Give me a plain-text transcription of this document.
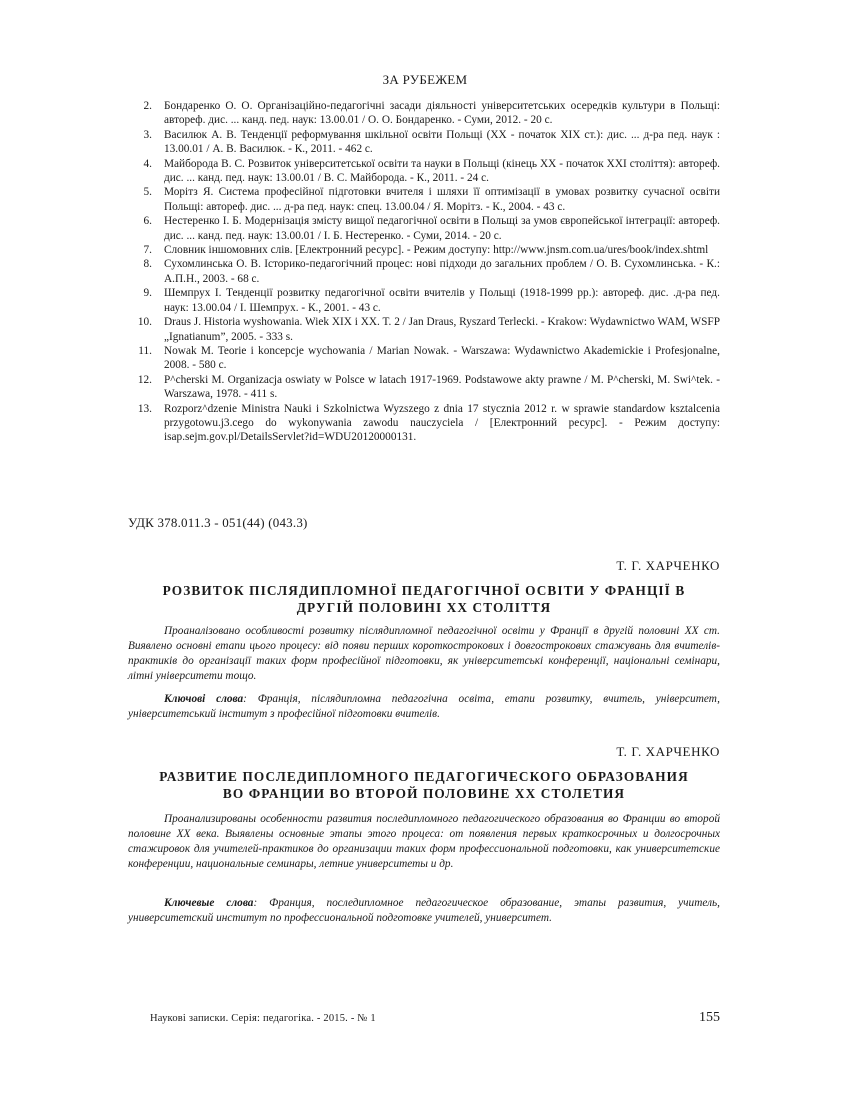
ЗА РУБЕЖЕМ
2. Бондаренко О. О. Організаційно-педагогічні засади діяльності університетських осередків культури в Польщі: автореф. дис. ... канд. пед. наук: 13.00.01 / О. О. Бондаренко. - Суми, 2012. - 20 с.
3. Василюк А. В. Тенденції реформування шкільної освіти Польщі (XX - початок XIX ст.): дис. ... д-ра пед. наук : 13.00.01 / А. В. Василюк. - К., 2011. - 462 с.
4. Майборода В. С. Розвиток університетської освіти та науки в Польщі (кінець XX - початок XXI століття): автореф. дис. ... канд. пед. наук: 13.00.01 / В. С. Майборода. - К., 2011. - 24 с.
5. Морітз Я. Система професійної підготовки вчителя і шляхи її оптимізації в умовах розвитку сучасної освіти Польщі: автореф. дис. ... д-ра пед. наук: спец. 13.00.04 / Я. Морітз. - К., 2004. - 43 с.
6. Нестеренко І. Б. Модернізація змісту вищої педагогічної освіти в Польщі за умов європейської інтеграції: автореф. дис. ... канд. пед. наук: 13.00.01 / І. Б. Нестеренко. - Суми, 2014. - 20 с.
7. Словник іншомовних слів. [Електронний ресурс]. - Режим доступу: http://www.jnsm.com.ua/ures/book/index.shtml
8. Сухомлинська О. В. Історико-педагогічний процес: нові підходи до загальних проблем / О. В. Сухомлинська. - К.: А.П.Н., 2003. - 68 с.
9. Шемпрух І. Тенденції розвитку педагогічної освіти вчителів у Польщі (1918-1999 рр.): автореф. дис. .д-ра пед. наук: 13.00.04 / І. Шемпрух. - К., 2001. - 43 с.
10. Draus J. Historia wyshowania. Wiek XIX i XX. T. 2 / Jan Draus, Ryszard Terlecki. - Krakow: Wydawnictwo WAM, WSFP „Ignatianum”, 2005. - 333 s.
11. Nowak M. Teorie i koncepcje wychowania / Marian Nowak. - Warszawa: Wydawnictwo Akademickie i Profesjonalne, 2008. - 580 с.
12. P^cherski M. Organizacja oswiaty w Polsce w latach 1917-1969. Podstawowe akty prawne / M. P^cherski, M. Swi^tek. - Warszawa, 1978. - 411 s.
13. Rozporz^dzenie Ministra Nauki i Szkolnictwa Wyzszego z dnia 17 stycznia 2012 r. w sprawie standardow ksztalcenia przygotowu.j3.cego do wykonywania zawodu nauczyciela / [Електронний ресурс]. - Режим доступу: isap.sejm.gov.pl/DetailsServlet?id=WDU20120000131.
УДК 378.011.3 - 051(44) (043.3)
Т. Г. ХАРЧЕНКО
РОЗВИТОК ПІСЛЯДИПЛОМНОЇ ПЕДАГОГІЧНОЇ ОСВІТИ У ФРАНЦІЇ В
ДРУГІЙ ПОЛОВИНІ XX СТОЛІТТЯ

Проаналізовано особливості розвитку післядипломної педагогічної освіти у Франції в другій половині XX ст. Виявлено основні етапи цього процесу: від появи перших короткострокових і довгострокових стажувань для вчителів-практиків до організації таких форм професійної підготовки, як університетські конференції, національні семінари, літні університети тощо.

Ключові слова: Франція, післядипломна педагогічна освіта, етапи розвитку, вчитель, університет, університетський інститут з професійної підготовки вчителів.

Т. Г. ХАРЧЕНКО
РАЗВИТИЕ ПОСЛЕДИПЛОМНОГО ПЕДАГОГИЧЕСКОГО ОБРАЗОВАНИЯ
ВО ФРАНЦИИ ВО ВТОРОЙ ПОЛОВИНЕ XX СТОЛЕТИЯ

Проанализированы особенности развития последипломного педагогического образования во Франции во второй половине XX века. Выявлены основные этапы этого процеса: от появления первых краткосрочных и долгосрочных стажировок для учителей-практиков до организации таких форм профессиональной подготовки, как университетские конференции, национальные семинары, летние университеты и др.

Ключевые слова: Франция, последипломное педагогическое образование, этапы развития, учитель, университетский институт по профессиональной подготовке учителей, университет.

Наукові записки. Серія: педагогіка. - 2015. - № 1	155
